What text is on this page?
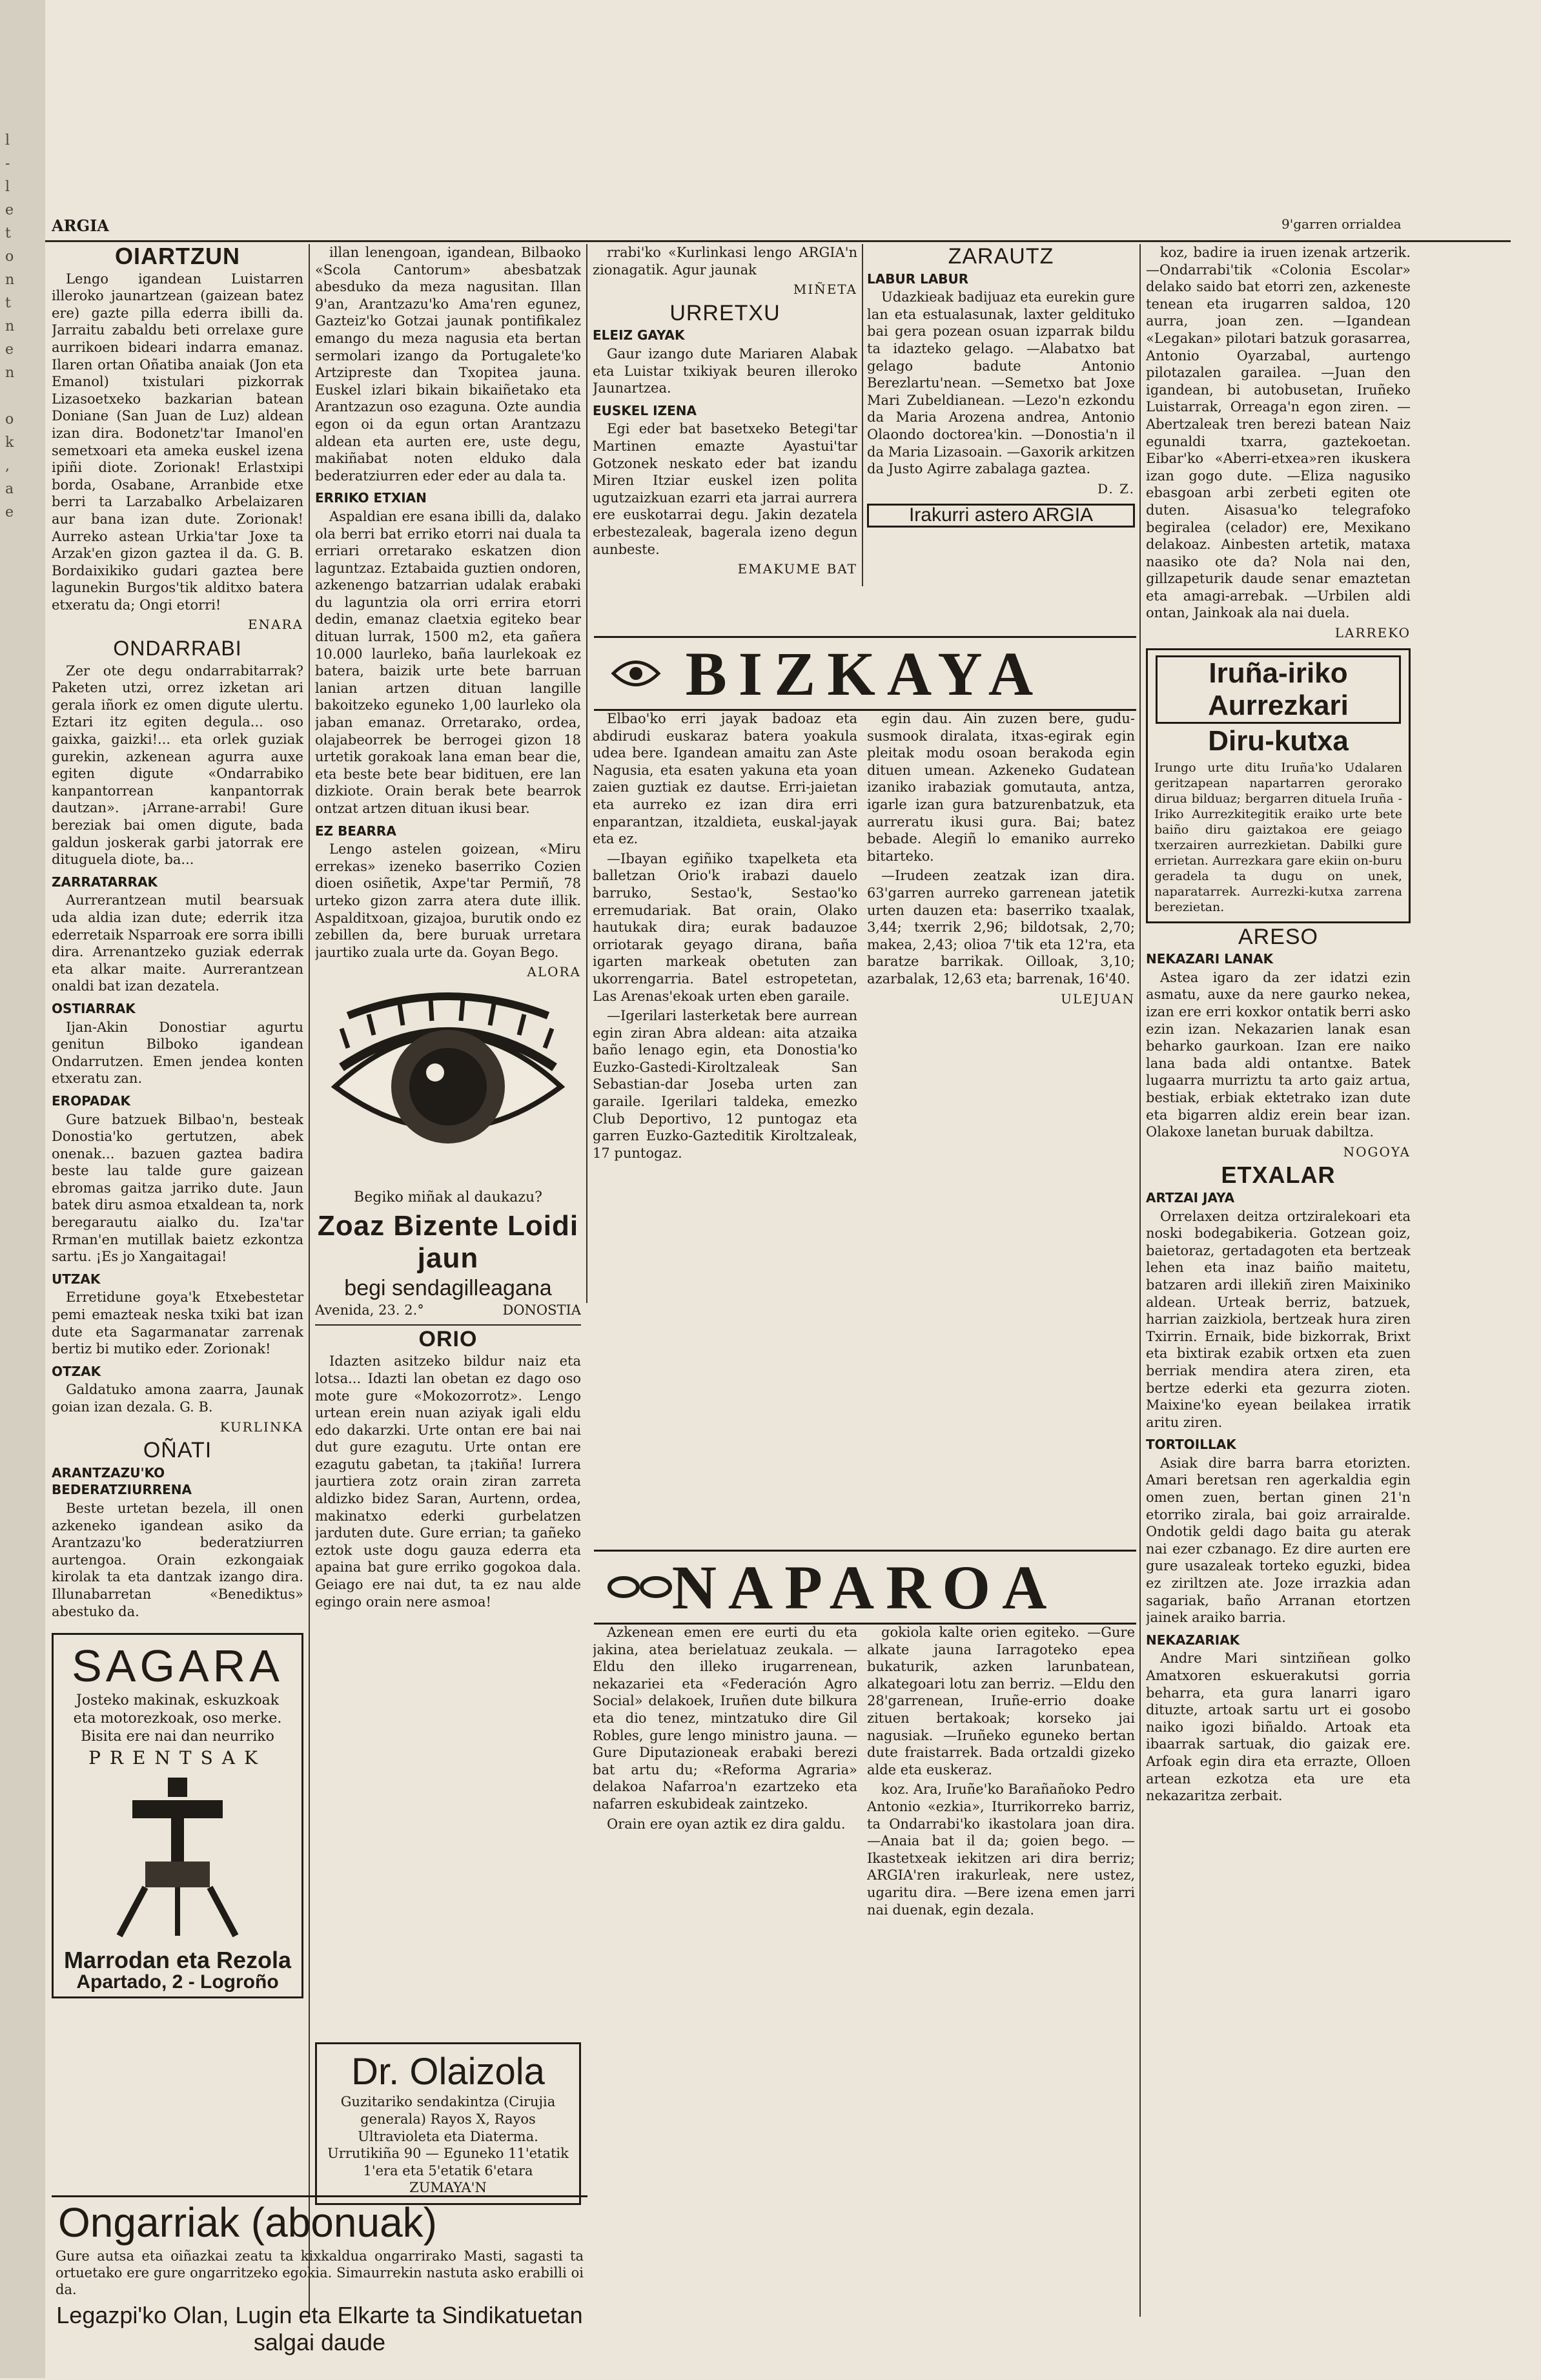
l
-
l
e
t
o
n
t
n
e
n

o
k
,
a
e
ARGIA	9'garren orrialdea
OIARTZUN

Lengo igandean Luistarren illeroko jaunartzean (gaizean batez ere) gazte pilla ederra ibilli da. Jarraitu zabaldu beti orrelaxe gure aurrikoen bideari indarra emanaz. Ilaren ortan Oñatiba anaiak (Jon eta Emanol) txistulari pizkorrak Lizasoetxeko bazkarian batean Doniane (San Juan de Luz) aldean izan dira. Bodonetz'tar Imanol'en semetxoari eta ameka euskel izena ipiñi diote. Zorionak! Erlastxipi borda, Osabane, Arranbide etxe berri ta Larzabalko Arbelaizaren aur bana izan dute. Zorionak! Aurreko astean Urkia'tar Joxe ta Arzak'en gizon gaztea il da. G. B. Bordaixikiko gudari gaztea bere lagunekin Burgos'tik alditxo batera etxeratu da; Ongi etorri!

ENARA
ONDARRABI

Zer ote degu ondarrabitarrak? Paketen utzi, orrez izketan ari gerala iñork ez omen digute ulertu. Eztari itz egiten degula... oso gaixka, gaizki!... eta orlek guziak gurekin, azkenean agurra auxe egiten digute «Ondarrabiko kanpantorrean kanpantorrak dautzan». ¡Arrane-arrabi! Gure bereziak bai omen digute, bada galdun joskerak garbi jatorrak ere dituguela diote, ba...

ZARRATARRAK

Aurrerantzean mutil bearsuak uda aldia izan dute; ederrik itza ederretaik Nsparroak ere sorra ibilli dira. Arrenantzeko guziak ederrak eta alkar maite. Aurrerantzean onaldi bat izan dezatela.

OSTIARRAK

Ijan-Akin Donostiar agurtu genitun Bilboko igandean Ondarrutzen. Emen jendea konten etxeratu zan.

EROPADAK

Gure batzuek Bilbao'n, besteak Donostia'ko gertutzen, abek onenak... bazuen gaztea badira beste lau talde gure gaizean ebromas gaitza jarriko dute. Jaun batek diru asmoa etxaldean ta, nork beregarautu aialko du. Iza'tar Rrman'en mutillak baietz ezkontza sartu. ¡Es jo Xangaitagai!

UTZAK

Erretidune goya'k Etxebestetar pemi emazteak neska txiki bat izan dute eta Sagarmanatar zarrenak bertiz bi mutiko eder. Zorionak!

OTZAK

Galdatuko amona zaarra, Jaunak goian izan dezala. G. B.

KURLINKA
OÑATI
ARANTZAZU'KO BEDERATZIURRENA

Beste urtetan bezela, ill onen azkeneko igandean asiko da Arantzazu'ko bederatziurren aurtengoa. Orain ezkongaiak kirolak ta eta dantzak izango dira. Illunabarretan «Benediktus» abestuko da.

SAGARA
Josteko makinak, eskuzkoak
eta motorezkoak, oso merke.
Bisita ere nai dan neurriko
PRENTSAK
Marrodan eta Rezola
Apartado, 2 - Logroño

illan lenengoan, igandean, Bilbaoko «Scola Cantorum» abesbatzak abesduko da meza nagusitan. Illan 9'an, Arantzazu'ko Ama'ren egunez, Gazteiz'ko Gotzai jaunak pontifikalez emango du meza nagusia eta bertan sermolari izango da Portugalete'ko Artzipreste dan Txopitea jauna. Euskel izlari bikain bikaiñetako eta Arantzazun oso ezaguna. Ozte aundia egon oi da egun ortan Arantzazu aldean eta aurten ere, uste degu, makiñabat noten elduko dala bederatziurren eder eder au dala ta.

ERRIKO ETXIAN

Aspaldian ere esana ibilli da, dalako ola berri bat erriko etorri nai duala ta erriari orretarako eskatzen dion laguntzaz. Eztabaida guztien ondoren, azkenengo batzarrian udalak erabaki du laguntzia ola orri errira etorri dedin, emanaz claetxia egiteko bear dituan lurrak, 1500 m2, eta gañera 10.000 laurleko, baña laurlekoak ez batera, baizik urte bete barruan lanian artzen dituan langille bakoitzeko eguneko 1,00 laurleko ola jaban emanaz. Orretarako, ordea, olajabeorrek be berrogei gizon 18 urtetik gorakoak lana eman bear die, eta beste bete bear bidituen, ere lan dizkiote. Orain berak bete bearrok ontzat artzen dituan ikusi bear.

EZ BEARRA

Lengo astelen goizean, «Miru errekas» izeneko baserriko Cozien dioen osiñetik, Axpe'tar Permiñ, 78 urteko gizon zarra atera dute illik. Aspalditxoan, gizajoa, burutik ondo ez zebillen da, bere buruak urretara jaurtiko zuala urte da. Goyan Bego.

ALORA
Begiko miñak al daukazu?
Zoaz Bizente Loidi jaun
begi sendagilleagana
Avenida, 23. 2.°	DONOSTIA
ORIO

Idazten asitzeko bildur naiz eta lotsa... Idazti lan obetan ez dago oso mote gure «Mokozorrotz». Lengo urtean erein nuan aziyak igali eldu edo dakarzki. Urte ontan ere bai nai dut gure ezagutu. Urte ontan ere ezagutu gabetan, ta ¡takiña! Iurrera jaurtiera zotz orain ziran zarreta aldizko bidez Saran, Aurtenn, ordea, makinatxo ederki gurbelatzen jarduten dute. Gure errian; ta gañeko eztok uste dogu gauza ederra eta apaina bat gure erriko gogokoa dala. Geiago ere nai dut, ta ez nau alde egingo orain nere asmoa!

Dr. Olaizola
Guzitariko sendakintza (Cirujia generala) Rayos X, Rayos Ultravioleta eta Diaterma.
Urrutikiña 90 — Eguneko 11'etatik 1'era eta 5'etatik 6'etara
ZUMAYA'N

rrabi'ko «Kurlinkasi lengo ARGIA'n zionagatik. Agur jaunak

MIÑETA
URRETXU
ELEIZ GAYAK

Gaur izango dute Mariaren Alabak eta Luistar txikiyak beuren illeroko Jaunartzea.

EUSKEL IZENA

Egi eder bat basetxeko Betegi'tar Martinen emazte Ayastui'tar Gotzonek neskato eder bat izandu Miren Itziar euskel izen polita ugutzaizkuan ezarri eta jarrai aurrera ere euskotarrai degu. Jakin dezatela erbestezaleak, bagerala izeno degun aunbeste.

EMAKUME BAT
ZARAUTZ
LABUR LABUR

Udazkieak badijuaz eta eurekin gure lan eta estualasunak, laxter geldituko bai gera pozean osuan izparrak bildu ta idazteko gelago. —Alabatxo bat gelago badute Antonio Berezlartu'nean. —Semetxo bat Joxe Mari Zubeldianean. —Lezo'n ezkondu da Maria Arozena andrea, Antonio Olaondo doctorea'kin. —Donostia'n il da Maria Lizasoain. —Gaxorik arkitzen da Justo Agirre zabalaga gaztea.

D. Z.
Irakurri astero ARGIA
BIZKAYA

Elbao'ko erri jayak badoaz eta abdirudi euskaraz batera yoakula udea bere. Igandean amaitu zan Aste Nagusia, eta esaten yakuna eta yoan zaien guztiak ez dautse. Erri-jaietan eta aurreko ez izan dira erri enparantzan, itzaldieta, euskal-jayak eta ez.

—Ibayan egiñiko txapelketa eta balletzan Orio'k irabazi dauelo barruko, Sestao'k, Sestao'ko erremudariak. Bat orain, Olako hautukak dira; eurak badauzoe orriotarak geyago dirana, baña igarten markeak obetuten zan ukorrengarria. Batel estropetetan, Las Arenas'ekoak urten eben garaile.

—Igerilari lasterketak bere aurrean egin ziran Abra aldean: aita atzaika baño lenago egin, eta Donostia'ko Euzko-Gastedi-Kiroltzaleak San Sebastian-dar Joseba urten zan garaile. Igerilari taldeka, emezko Club Deportivo, 12 puntogaz eta garren Euzko-Gazteditik Kiroltzaleak, 17 puntogaz.

egin dau. Ain zuzen bere, gudu-susmook diralata, itxas-egirak egin pleitak modu osoan berakoda egin dituen umean. Azkeneko Gudatean izaniko irabaziak gomutauta, antza, igarle izan gura batzurenbatzuk, eta aurreratu ikusi gura. Bai; batez bebade. Alegiñ lo emaniko aurreko bitarteko.

—Irudeen zeatzak izan dira. 63'garren aurreko garrenean jatetik urten dauzen eta: baserriko txaalak, 3,44; txerrik 2,96; bildotsak, 2,70; makea, 2,43; olioa 7'tik eta 12'ra, eta baratze barrikak. Oilloak, 3,10; azarbalak, 12,63 eta; barrenak, 16'40.

ULEJUAN
NAPAROA

Azkenean emen ere eurti du eta jakina, atea berielatuaz zeukala. —Eldu den illeko irugarrenean, nekazariei eta «Federación Agro Social» delakoek, Iruñen dute bilkura eta dio tenez, mintzatuko dire Gil Robles, gure lengo ministro jauna. —Gure Diputazioneak erabaki berezi bat artu du; «Reforma Agraria» delakoa Nafarroa'n ezartzeko eta nafarren eskubideak zaintzeko.

Orain ere oyan aztik ez dira galdu.

gokiola kalte orien egiteko. —Gure alkate jauna Iarragoteko epea bukaturik, azken larunbatean, alkategoari lotu zan berriz. —Eldu den 28'garrenean, Iruñe-errio doake zituen bertakoak; korseko jai nagusiak. —Iruñeko eguneko bertan dute fraistarrek. Bada ortzaldi gizeko alde eta euskeraz.

koz. Ara, Iruñe'ko Barañañoko Pedro Antonio «ezkia», Iturrikorreko barriz, ta Ondarrabi'ko ikastolara joan dira. —Anaia bat il da; goien bego. —Ikastetxeak iekitzen ari dira berriz; ARGIA'ren irakurleak, nere ustez, ugaritu dira. —Bere izena emen jarri nai duenak, egin dezala.

koz, badire ia iruen izenak artzerik. —Ondarrabi'tik «Colonia Escolar» delako saido bat etorri zen, azkeneste tenean eta irugarren saldoa, 120 aurra, joan zen. —Igandean «Legakan» pilotari batzuk gorasarrea, Antonio Oyarzabal, aurtengo pilotazalen garailea. —Juan den igandean, bi autobusetan, Iruñeko Luistarrak, Orreaga'n egon ziren. —Abertzaleak tren berezi batean Naiz egunaldi txarra, gaztekoetan. Eibar'ko «Aberri-etxea»ren ikuskera izan gogo dute. —Eliza nagusiko ebasgoan arbi zerbeti egiten ote duten. Aisasua'ko telegrafoko begiralea (celador) ere, Mexikano delakoaz. Ainbesten artetik, mataxa naasiko ote da? Nola nai den, gillzapeturik daude senar emaztetan eta amagi-arrebak. —Urbilen aldi ontan, Jainkoak ala nai duela.

LARREKO
Iruña-iriko Aurrezkari
Diru-kutxa
Irungo urte ditu Iruña'ko Udalaren geritzapean napartarren gerorako dirua bilduaz; bergarren dituela Iruña - Iriko Aurrezkitegitik eraiko urte bete baiño diru gaiztakoa ere geiago txerzairen aurrezkietan. Dabilki gure errietan. Aurrezkara gare ekiin on-buru geradela ta dugu on unek, naparatarrek. Aurrezki-kutxa zarrena berezietan.
ARESO
NEKAZARI LANAK

Astea igaro da zer idatzi ezin asmatu, auxe da nere gaurko nekea, izan ere erri koxkor ontatik berri asko ezin izan. Nekazarien lanak esan beharko gaurkoan. Izan ere naiko lana bada aldi ontantxe. Batek lugaarra murriztu ta arto gaiz artua, bestiak, erbiak ektetrako izan dute eta bigarren aldiz erein bear izan. Olakoxe lanetan buruak dabiltza.

NOGOYA
ETXALAR
ARTZAI JAYA

Orrelaxen deitza ortziralekoari eta noski bodegabikeria. Gotzean goiz, baietoraz, gertadagoten eta bertzeak lehen eta inaz baiño maitetu, batzaren ardi illekiñ ziren Maixiniko aldean. Urteak berriz, batzuek, harrian zaizkiola, bertzeak hura ziren Txirrin. Ernaik, bide bizkorrak, Brixt eta bixtirak ezabik ortxen eta zuen berriak mendira atera ziren, eta bertze ederki eta gezurra zioten. Maixine'ko eyean beilakea irratik aritu ziren.

TORTOILLAK

Asiak dire barra barra etorizten. Amari beretsan ren agerkaldia egin omen zuen, bertan ginen 21'n etorriko zirala, bai goiz arrairalde. Ondotik geldi dago baita gu aterak nai ezer czbanago. Ez dire aurten ere gure usazaleak torteko eguzki, bidea ez ziriltzen ate. Joze irrazkia adan sagariak, baño Arranan etortzen jainek araiko barria.

NEKAZARIAK

Andre Mari sintziñean golko Amatxoren eskuerakutsi gorria beharra, eta gura lanarri igaro dituzte, artoak sartu urt ei gosobo naiko igozi biñaldo. Artoak eta ibaarrak sartuak, dio gaizak ere. Arfoak egin dira eta errazte, Olloen artean ezkotza eta ure eta nekazaritza zerbait.

Ongarriak (abonuak)
Gure autsa eta oiñazkai zeatu ta kixkaldua ongarrirako Masti, sagasti ta ortuetako ere gure ongarritzeko egokia. Simaurrekin nastuta asko erabilli oi da.
Legazpi'ko Olan, Lugin eta Elkarte ta Sindikatuetan salgai daude
